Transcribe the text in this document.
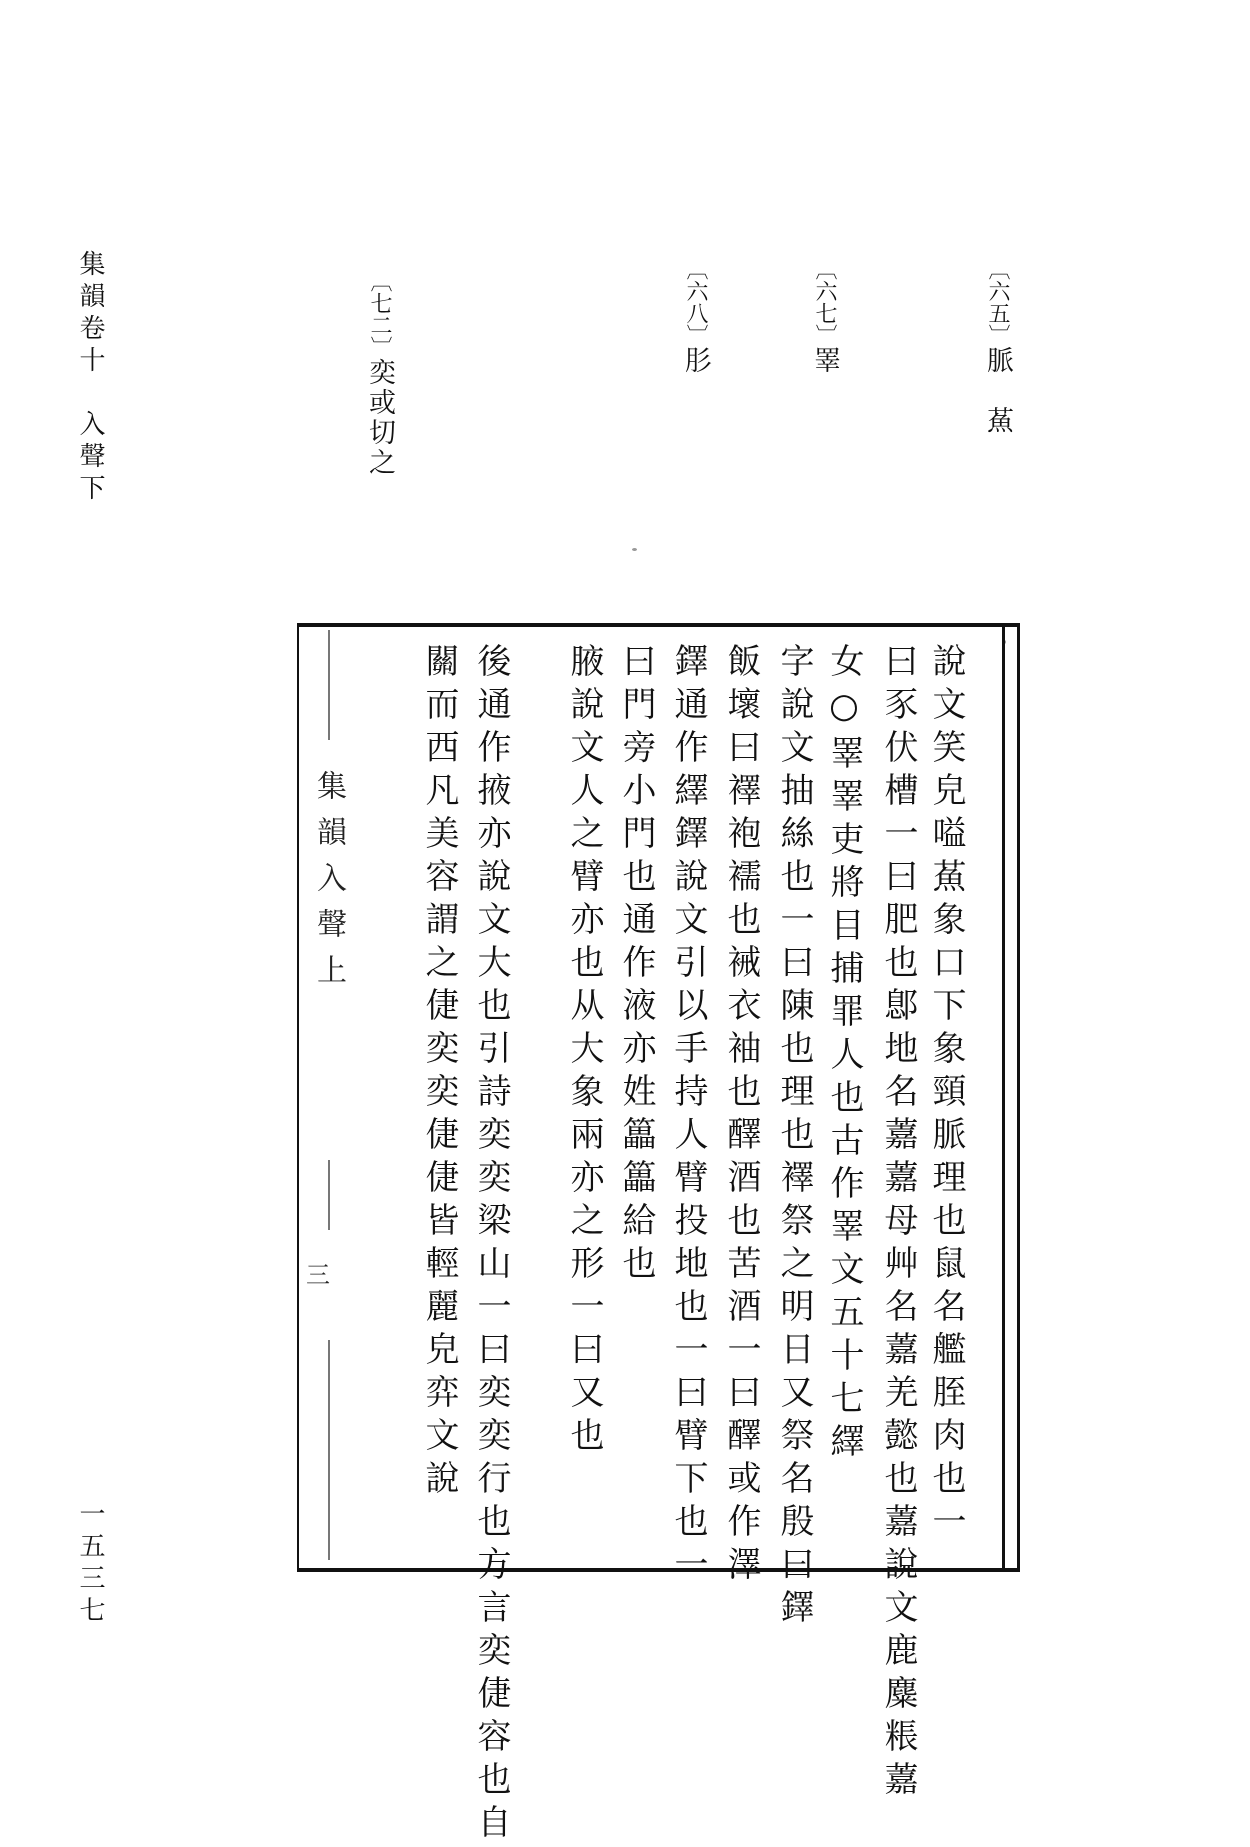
集韻卷十　入聲下
一五三七
〔六五〕脈　䔡
〔六七〕睪
〔六八〕肜
〔七二〕奕或切之
說文笑皃嗌䔡象口下象頸脈理也鼠名艦胵肉也一
曰豕伏槽一曰肥也鄎地名䕒䕒母艸名䕒羌懿也䕒說文鹿麋粻䕒
女○睪睪吏將目捕罪人也古作睪文五十七繹
字說文抽絲也一曰陳也理也襗祭之明日又祭名殷曰鐸
飯壞曰襗袍襦也裓衣袖也醳酒也苦酒一曰醳或作澤
鐸通作繹鐸說文引以手持人臂投地也一曰臂下也一
曰門旁小門也通作液亦姓䉪䉪給也
腋說文人之臂亦也从大象兩亦之形一曰又也
後通作掖亦說文大也引詩奕奕梁山一曰奕奕行也方言奕倢容也自
關而西凡美容謂之倢奕奕倢倢皆輕麗皃弈文說
集韻入聲上
三
